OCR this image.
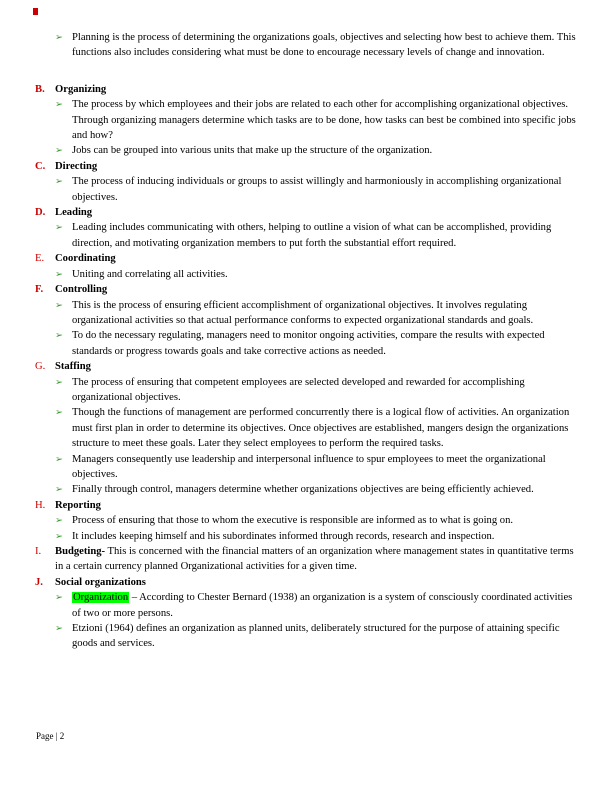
➢ Planning is the process of determining the organizations goals, objectives and selecting how best to achieve them. This functions also includes considering what must be done to encourage necessary levels of change and innovation.
B. Organizing
➢ The process by which employees and their jobs are related to each other for accomplishing organizational objectives. Through organizing managers determine which tasks are to be done, how tasks can best be combined into specific jobs and how?
➢ Jobs can be grouped into various units that make up the structure of the organization.
C. Directing
➢ The process of inducing individuals or groups to assist willingly and harmoniously in accomplishing organizational objectives.
D. Leading
➢ Leading includes communicating with others, helping to outline a vision of what can be accomplished, providing direction, and motivating organization members to put forth the substantial effort required.
E.	Coordinating
➢ Uniting and correlating all activities.
F.	Controlling
➢ This is the process of ensuring efficient accomplishment of organizational objectives. It involves regulating organizational activities so that actual performance conforms to expected organizational standards and goals.
➢ To do the necessary regulating, managers need to monitor ongoing activities, compare the results with expected standards or progress towards goals and take corrective actions as needed.
G. Staffing
➢ The process of ensuring that competent employees are selected developed and rewarded for accomplishing organizational objectives.
➢ Though the functions of management are performed concurrently there is a logical flow of activities. An organization must first plan in order to determine its objectives. Once objectives are established, mangers design the organizations structure to meet these goals. Later they select employees to perform the required tasks.
➢ Managers consequently use leadership and interpersonal influence to spur employees to meet the organizational objectives.
➢ Finally through control, managers determine whether organizations objectives are being efficiently achieved.
H. Reporting
➢ Process of ensuring that those to whom the executive is responsible are informed as to what is going on.
➢ It includes keeping himself and his subordinates informed through records, research and inspection.
I.	Budgeting- This is concerned with the financial matters of an organization where management states in quantitative terms in a certain currency planned Organizational activities for a given time.
J.	Social organizations
➢ Organization – According to Chester Bernard (1938) an organization is a system of consciously coordinated activities of two or more persons.
➢ Etzioni (1964) defines an organization as planned units, deliberately structured for the purpose of attaining specific goods and services.
Page | 2
